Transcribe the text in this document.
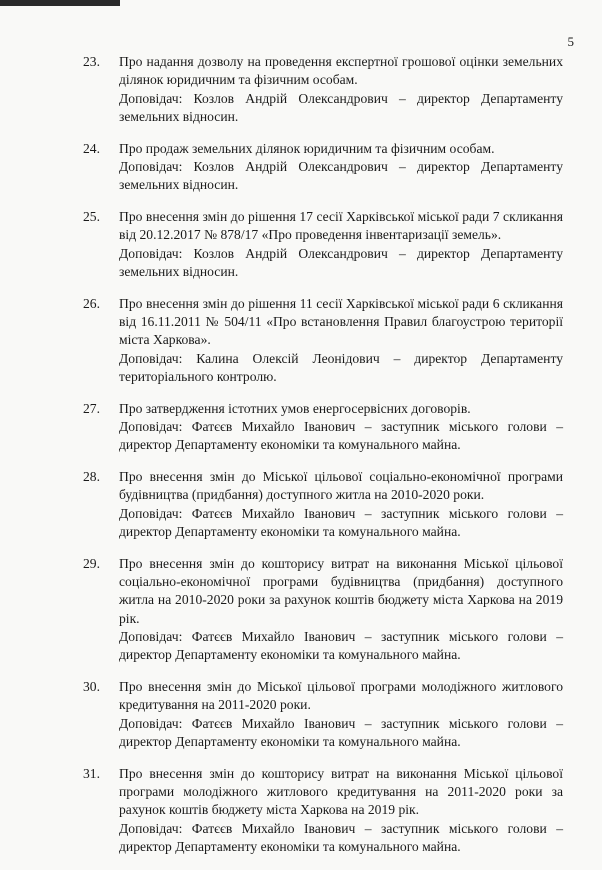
5
23. Про надання дозволу на проведення експертної грошової оцінки земельних ділянок юридичним та фізичним особам.
Доповідач: Козлов Андрій Олександрович – директор Департаменту земельних відносин.
24. Про продаж земельних ділянок юридичним та фізичним особам.
Доповідач: Козлов Андрій Олександрович – директор Департаменту земельних відносин.
25. Про внесення змін до рішення 17 сесії Харківської міської ради 7 скликання від 20.12.2017 № 878/17 «Про проведення інвентаризації земель».
Доповідач: Козлов Андрій Олександрович – директор Департаменту земельних відносин.
26. Про внесення змін до рішення 11 сесії Харківської міської ради 6 скликання від 16.11.2011 № 504/11 «Про встановлення Правил благоустрою території міста Харкова».
Доповідач: Калина Олексій Леонідович – директор Департаменту територіального контролю.
27. Про затвердження істотних умов енергосервісних договорів.
Доповідач: Фатєєв Михайло Іванович – заступник міського голови – директор Департаменту економіки та комунального майна.
28. Про внесення змін до Міської цільової соціально-економічної програми будівництва (придбання) доступного житла на 2010-2020 роки.
Доповідач: Фатєєв Михайло Іванович – заступник міського голови – директор Департаменту економіки та комунального майна.
29. Про внесення змін до кошторису витрат на виконання Міської цільової соціально-економічної програми будівництва (придбання) доступного житла на 2010-2020 роки за рахунок коштів бюджету міста Харкова на 2019 рік.
Доповідач: Фатєєв Михайло Іванович – заступник міського голови – директор Департаменту економіки та комунального майна.
30. Про внесення змін до Міської цільової програми молодіжного житлового кредитування на 2011-2020 роки.
Доповідач: Фатєєв Михайло Іванович – заступник міського голови – директор Департаменту економіки та комунального майна.
31. Про внесення змін до кошторису витрат на виконання Міської цільової програми молодіжного житлового кредитування на 2011-2020 роки за рахунок коштів бюджету міста Харкова на 2019 рік.
Доповідач: Фатєєв Михайло Іванович – заступник міського голови – директор Департаменту економіки та комунального майна.
